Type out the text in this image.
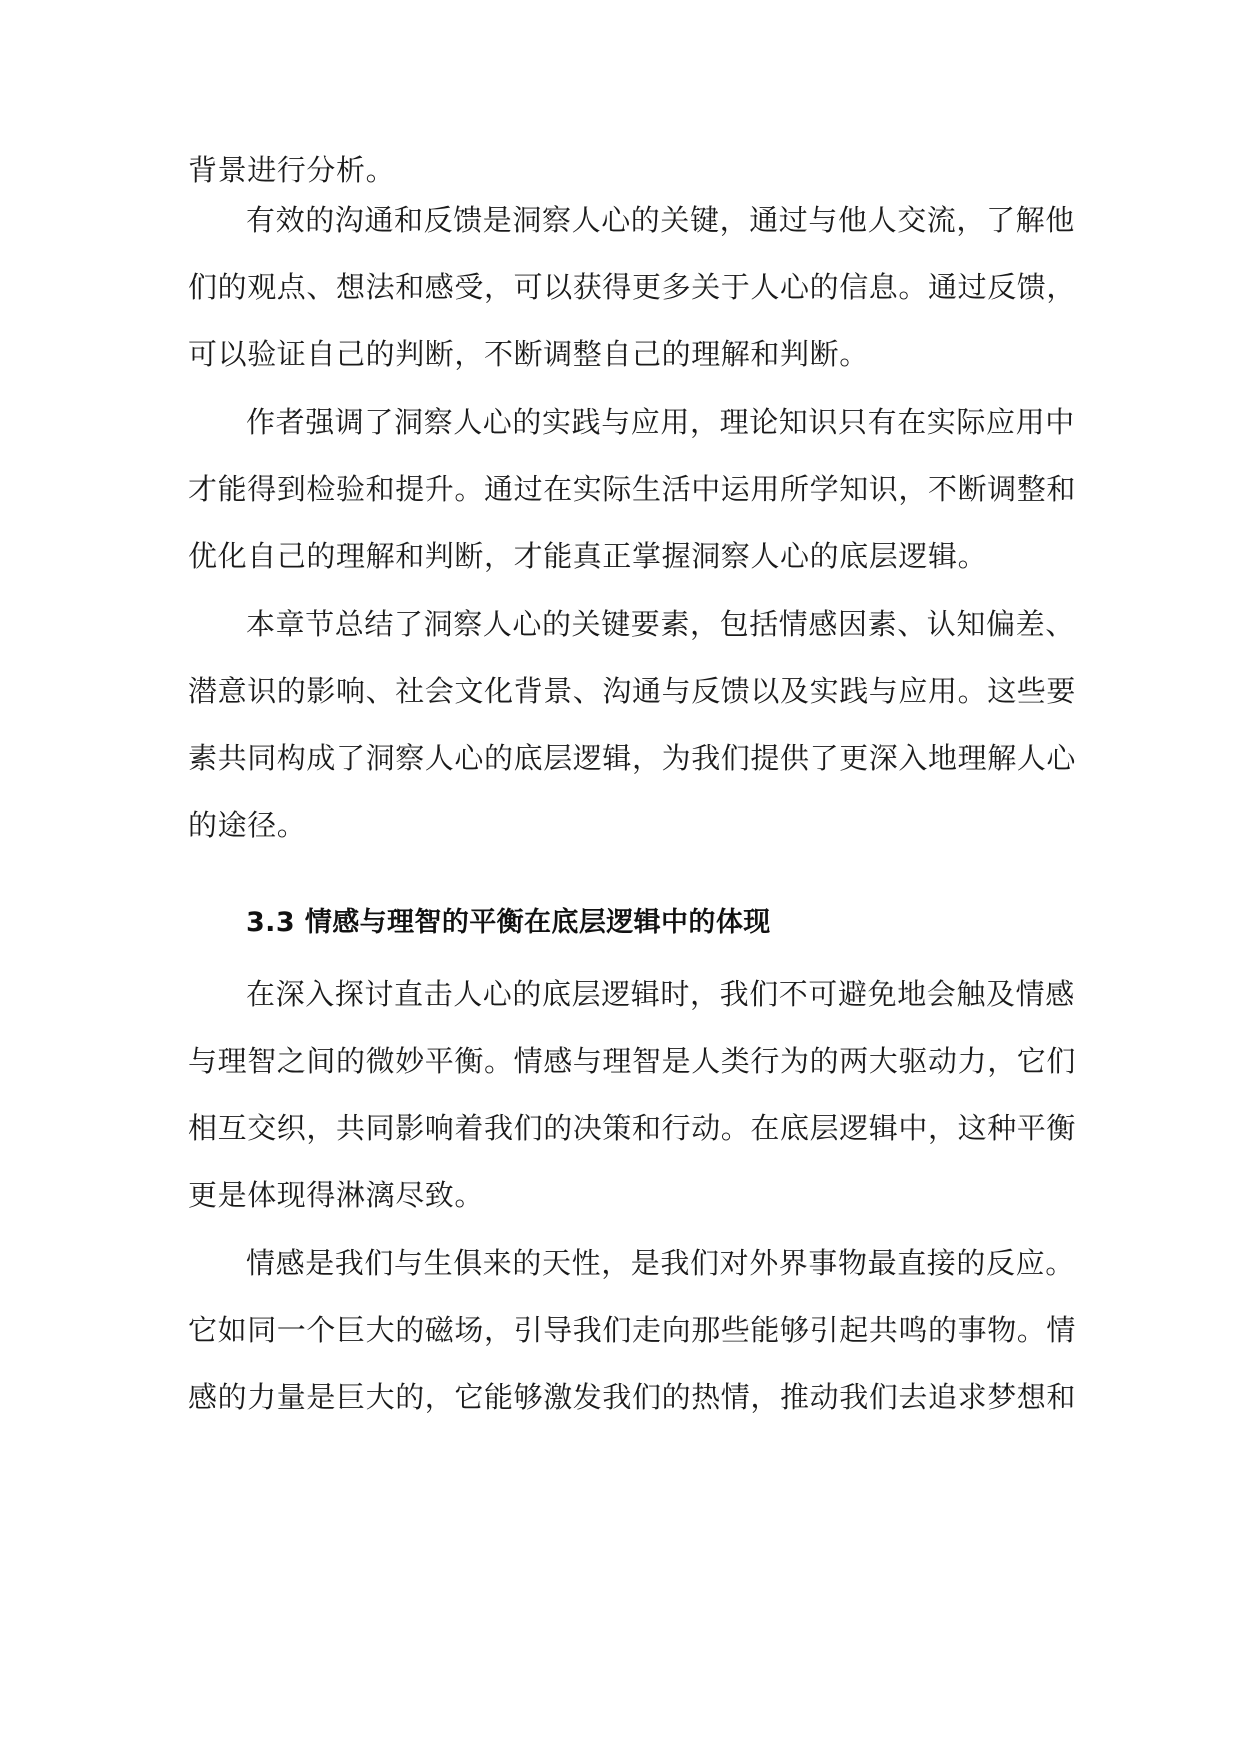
背景进行分析。
有效的沟通和反馈是洞察人心的关键，通过与他人交流，了解他
们的观点、想法和感受，可以获得更多关于人心的信息。通过反馈，
可以验证自己的判断，不断调整自己的理解和判断。
作者强调了洞察人心的实践与应用，理论知识只有在实际应用中
才能得到检验和提升。通过在实际生活中运用所学知识，不断调整和
优化自己的理解和判断，才能真正掌握洞察人心的底层逻辑。
本章节总结了洞察人心的关键要素，包括情感因素、认知偏差、
潜意识的影响、社会文化背景、沟通与反馈以及实践与应用。这些要
素共同构成了洞察人心的底层逻辑，为我们提供了更深入地理解人心
的途径。
3.3 情感与理智的平衡在底层逻辑中的体现
在深入探讨直击人心的底层逻辑时，我们不可避免地会触及情感
与理智之间的微妙平衡。情感与理智是人类行为的两大驱动力，它们
相互交织，共同影响着我们的决策和行动。在底层逻辑中，这种平衡
更是体现得淋漓尽致。
情感是我们与生俱来的天性，是我们对外界事物最直接的反应。
它如同一个巨大的磁场，引导我们走向那些能够引起共鸣的事物。情
感的力量是巨大的，它能够激发我们的热情，推动我们去追求梦想和
